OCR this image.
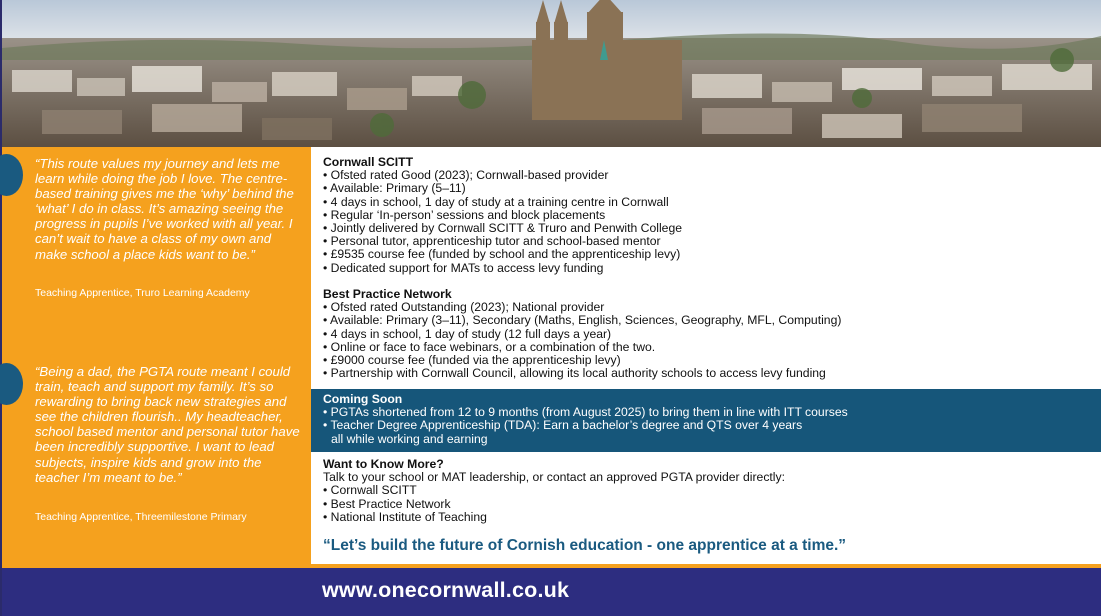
“This route values my journey and lets me learn while doing the job I love. The centre-based training gives me the ‘why’ behind the ‘what’ I do in class. It’s amazing seeing the progress in pupils I’ve worked with all year. I can’t wait to have a class of my own and make school a place kids want to be.”
Teaching Apprentice, Truro Learning Academy
“Being a dad, the PGTA route meant I could train, teach and support my family. It’s so rewarding to bring back new strategies and see the children flourish.. My headteacher, school based mentor and personal tutor have been incredibly supportive. I want to lead subjects, inspire kids and grow into the teacher I’m meant to be.”
Teaching Apprentice, Threemilestone Primary
Cornwall SCITT
• Ofsted rated Good (2023); Cornwall-based provider
• Available: Primary (5–11)
• 4 days in school, 1 day of study at a training centre in Cornwall
• Regular ‘In-person’ sessions and block placements
• Jointly delivered by Cornwall SCITT & Truro and Penwith College
• Personal tutor, apprenticeship tutor and school-based mentor
• £9535 course fee (funded by school and the apprenticeship levy)
• Dedicated support for MATs to access levy funding
Best Practice Network
• Ofsted rated Outstanding (2023); National provider
• Available: Primary (3–11), Secondary (Maths, English, Sciences, Geography, MFL, Computing)
• 4 days in school, 1 day of study (12 full days a year)
• Online or face to face webinars, or a combination of the two.
• £9000 course fee (funded via the apprenticeship levy)
• Partnership with Cornwall Council, allowing its local authority schools to access levy funding
Coming Soon
• PGTAs shortened from 12 to 9 months (from August 2025) to bring them in line with ITT courses
• Teacher Degree Apprenticeship (TDA): Earn a bachelor’s degree and QTS over 4 years
all while working and earning
Want to Know More?
Talk to your school or MAT leadership, or contact an approved PGTA provider directly:
• Cornwall SCITT
• Best Practice Network
• National Institute of Teaching
“Let’s build the future of Cornish education - one apprentice at a time.”
www.onecornwall.co.uk
